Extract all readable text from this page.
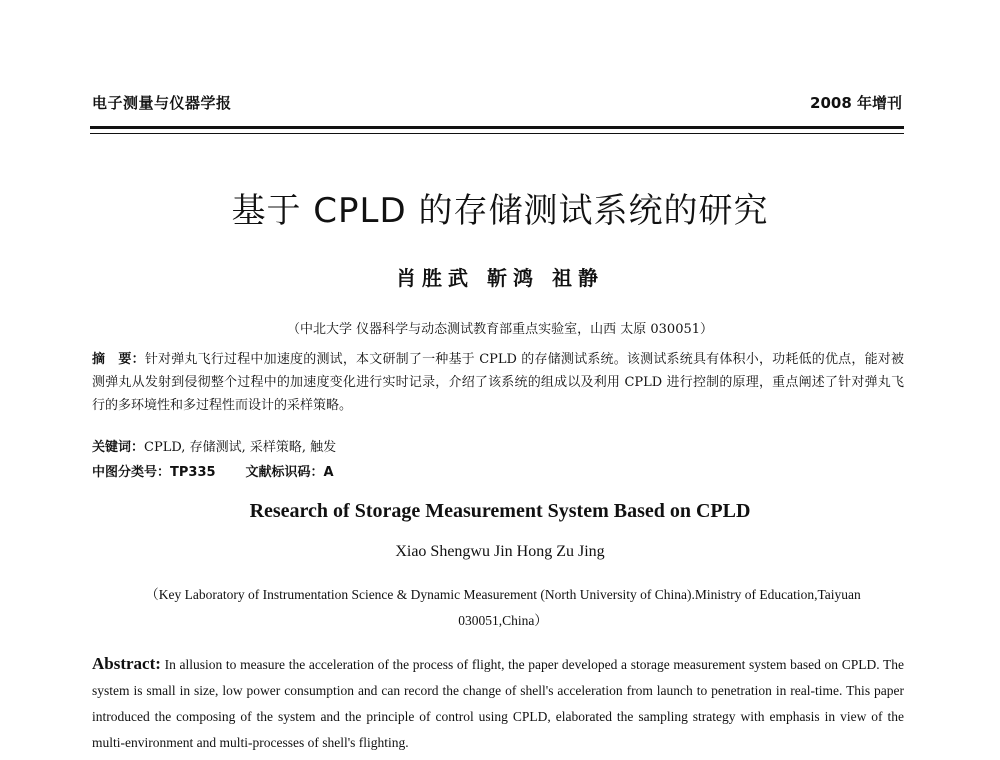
电子测量与仪器学报	2008 年增刊
基于 CPLD 的存储测试系统的研究
肖胜武 靳鸿 祖静
（中北大学 仪器科学与动态测试教育部重点实验室，山西 太原 030051）
摘　要：针对弹丸飞行过程中加速度的测试，本文研制了一种基于 CPLD 的存储测试系统。该测试系统具有体积小，功耗低的优点，能对被测弹丸从发射到侵彻整个过程中的加速度变化进行实时记录，介绍了该系统的组成以及利用 CPLD 进行控制的原理，重点阐述了针对弹丸飞行的多环境性和多过程性而设计的采样策略。
关键词：CPLD, 存储测试, 采样策略, 触发
中图分类号：TP335 文献标识码：A
Research of Storage Measurement System Based on CPLD
Xiao Shengwu Jin Hong Zu Jing
（Key Laboratory of Instrumentation Science & Dynamic Measurement (North University of China).Ministry of Education,Taiyuan 030051,China）
Abstract: In allusion to measure the acceleration of the process of flight, the paper developed a storage measurement system based on CPLD. The system is small in size, low power consumption and can record the change of shell's acceleration from launch to penetration in real-time. This paper introduced the composing of the system and the principle of control using CPLD, elaborated the sampling strategy with emphasis in view of the multi-environment and multi-processes of shell's flighting.
